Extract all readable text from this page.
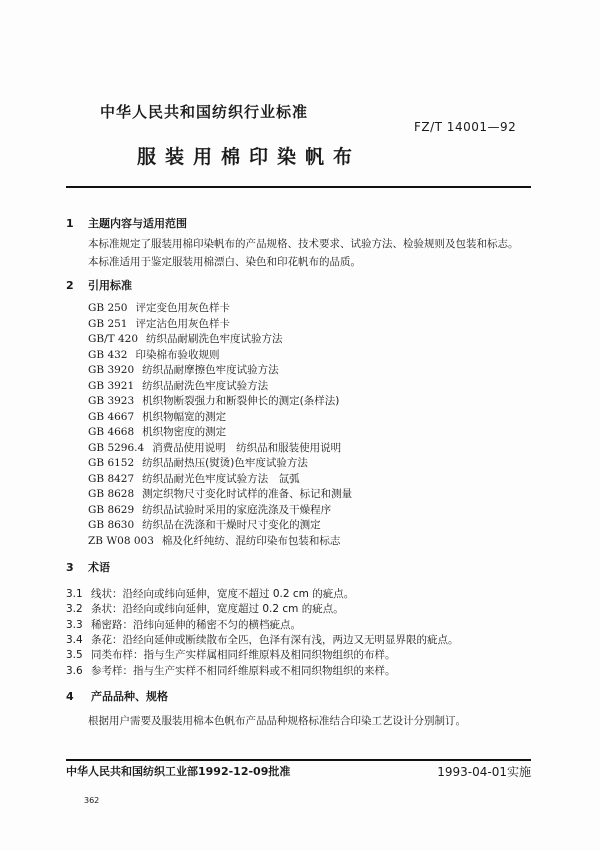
中华人民共和国纺织行业标准
FZ/T 14001—92
服装用棉印染帆布
1 主题内容与适用范围
本标准规定了服装用棉印染帆布的产品规格、技术要求、试验方法、检验规则及包装和标志。
本标准适用于鉴定服装用棉漂白、染色和印花帆布的品质。
2 引用标准
GB 250 评定变色用灰色样卡
GB 251 评定沾色用灰色样卡
GB/T 420 纺织品耐刷洗色牢度试验方法
GB 432 印染棉布验收规则
GB 3920 纺织品耐摩擦色牢度试验方法
GB 3921 纺织品耐洗色牢度试验方法
GB 3923 机织物断裂强力和断裂伸长的测定(条样法)
GB 4667 机织物幅宽的测定
GB 4668 机织物密度的测定
GB 5296.4 消费品使用说明　纺织品和服装使用说明
GB 6152 纺织品耐热压(熨烫)色牢度试验方法
GB 8427 纺织品耐光色牢度试验方法　氙弧
GB 8628 测定织物尺寸变化时试样的准备、标记和测量
GB 8629 纺织品试验时采用的家庭洗涤及干燥程序
GB 8630 纺织品在洗涤和干燥时尺寸变化的测定
ZB W08 003 棉及化纤纯纺、混纺印染布包装和标志
3 术语
3.1 线状：沿经向或纬向延伸，宽度不超过 0.2 cm 的疵点。
3.2 条状：沿经向或纬向延伸，宽度超过 0.2 cm 的疵点。
3.3 稀密路：沿纬向延伸的稀密不匀的横档疵点。
3.4 条花：沿经向延伸或断续散布全匹，色泽有深有浅，两边又无明显界限的疵点。
3.5 同类布样：指与生产实样属相同纤维原料及相同织物组织的布样。
3.6 参考样：指与生产实样不相同纤维原料或不相同织物组织的来样。
4 产品品种、规格
根据用户需要及服装用棉本色帆布产品品种规格标准结合印染工艺设计分别制订。
中华人民共和国纺织工业部1992-12-09批准	1993-04-01实施
362
